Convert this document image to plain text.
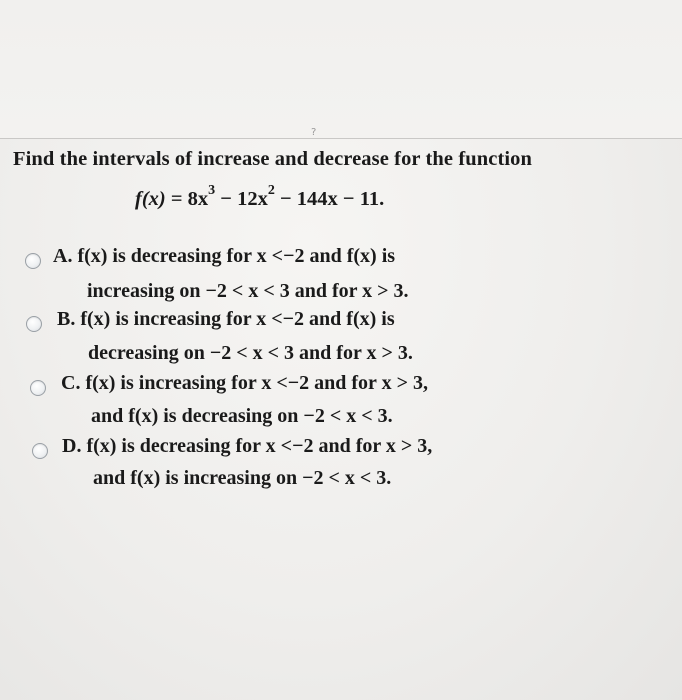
?
Find the intervals of increase and decrease for the function
$f(x) = 8x^3 - 12x^2 - 144x - 11$.
A. f(x) is decreasing for x <−2 and f(x) is
increasing on −2 < x < 3 and for x > 3.
B. f(x) is increasing for x <−2 and f(x) is
decreasing on −2 < x < 3 and for x > 3.
C. f(x) is increasing for x <−2 and for x > 3,
and f(x) is decreasing on −2 < x < 3.
D. f(x) is decreasing for x <−2 and for x > 3,
and f(x) is increasing on −2 < x < 3.
